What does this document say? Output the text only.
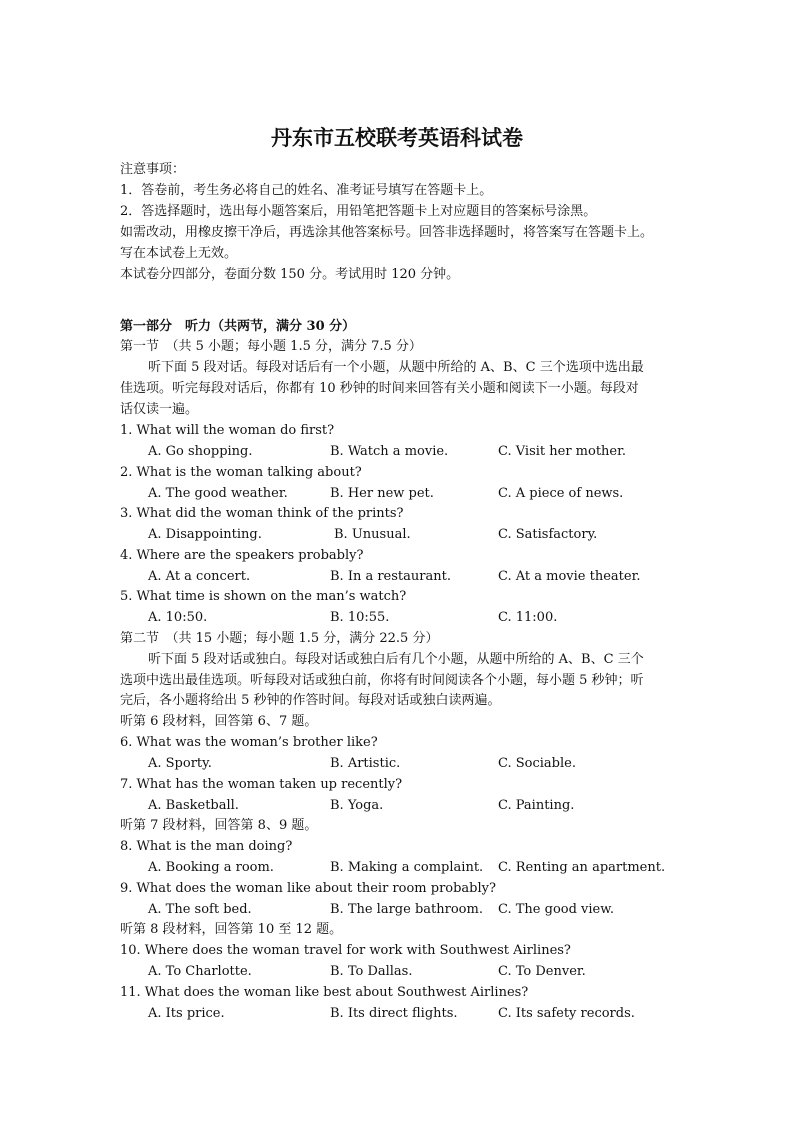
丹东市五校联考英语科试卷
注意事项：
1．答卷前，考生务必将自己的姓名、准考证号填写在答题卡上。
2．答选择题时，选出每小题答案后，用铅笔把答题卡上对应题目的答案标号涂黑。
如需改动，用橡皮擦干净后，再选涂其他答案标号。回答非选择题时，将答案写在答题卡上。
写在本试卷上无效。
本试卷分四部分，卷面分数 150 分。考试用时 120 分钟。
第一部分　听力（共两节，满分 30 分）
第一节　（共 5 小题；每小题 1.5 分，满分 7.5 分）
听下面 5 段对话。每段对话后有一个小题，从题中所给的 A、B、C 三个选项中选出最
佳选项。听完每段对话后，你都有 10 秒钟的时间来回答有关小题和阅读下一小题。每段对
话仅读一遍。
1. What will the woman do first?
A. Go shopping.	B. Watch a movie.	C. Visit her mother.
2. What is the woman talking about?
A. The good weather.	B. Her new pet.	C. A piece of news.
3. What did the woman think of the prints?
A. Disappointing.	B. Unusual.	C. Satisfactory.
4. Where are the speakers probably?
A. At a concert.	B. In a restaurant.	C. At a movie theater.
5. What time is shown on the man’s watch?
A. 10:50.	B. 10:55.	C. 11:00.
第二节　（共 15 小题；每小题 1.5 分，满分 22.5 分）
听下面 5 段对话或独白。每段对话或独白后有几个小题，从题中所给的 A、B、C 三个
选项中选出最佳选项。听每段对话或独白前，你将有时间阅读各个小题，每小题 5 秒钟；听
完后，各小题将给出 5 秒钟的作答时间。每段对话或独白读两遍。
听第 6 段材料，回答第 6、7 题。
6. What was the woman’s brother like?
A. Sporty.	B. Artistic.	C. Sociable.
7. What has the woman taken up recently?
A. Basketball.	B. Yoga.	C. Painting.
听第 7 段材料，回答第 8、9 题。
8. What is the man doing?
A. Booking a room.	B. Making a complaint. C. Renting an apartment.
9. What does the woman like about their room probably?
A. The soft bed.	B. The large bathroom. C. The good view.
听第 8 段材料，回答第 10 至 12 题。
10. Where does the woman travel for work with Southwest Airlines?
A. To Charlotte.	B. To Dallas.	C. To Denver.
11. What does the woman like best about Southwest Airlines?
A. Its price.	B. Its direct flights.	C. Its safety records.
